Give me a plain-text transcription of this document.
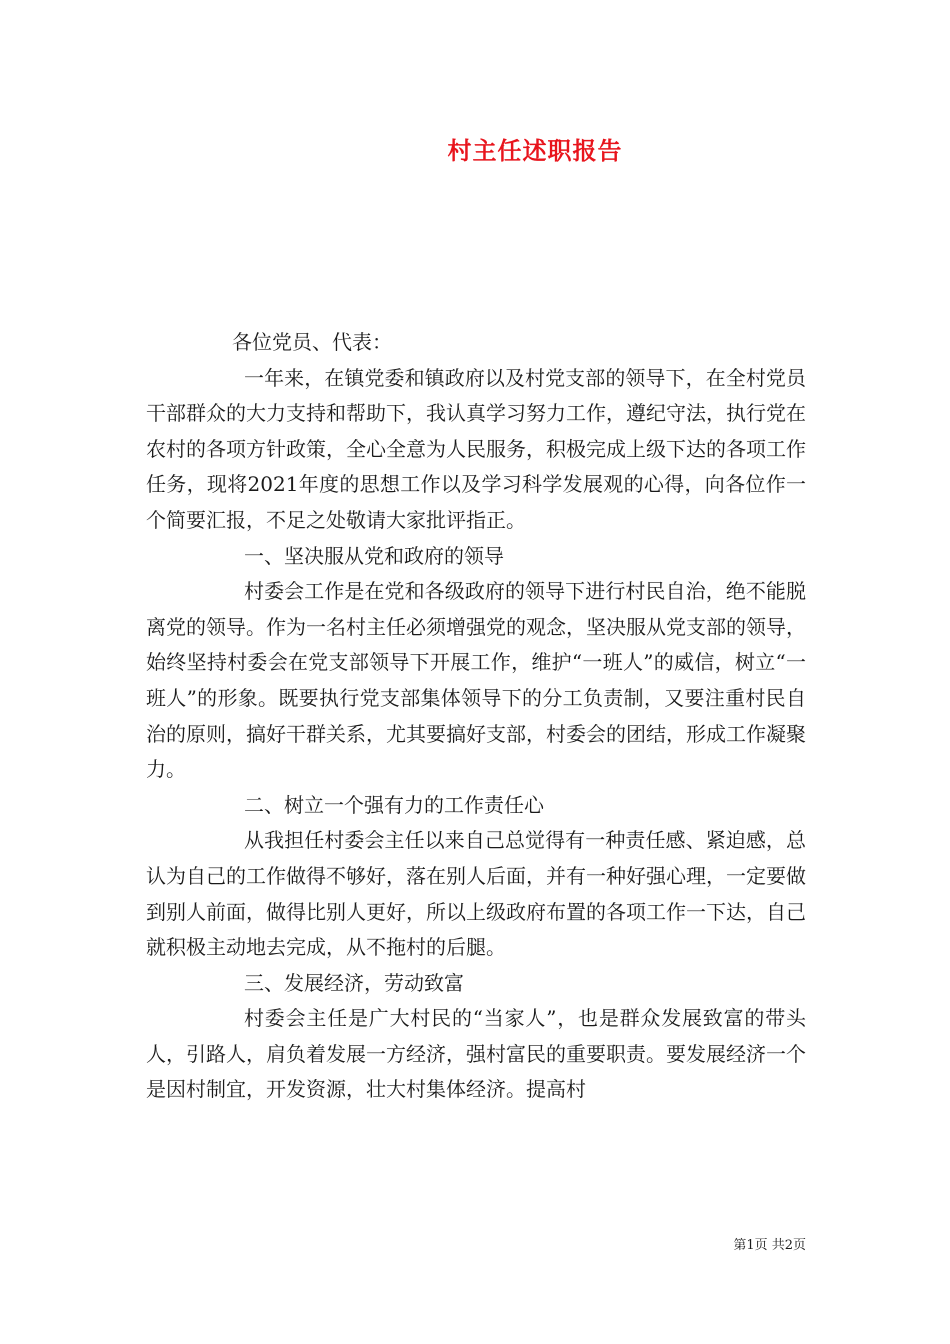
村主任述职报告

各位党员、代表：

一年来，在镇党委和镇政府以及村党支部的领导下，在全村党员干部群众的大力支持和帮助下，我认真学习努力工作，遵纪守法，执行党在农村的各项方针政策，全心全意为人民服务，积极完成上级下达的各项工作任务，现将2021年度的思想工作以及学习科学发展观的心得，向各位作一个简要汇报，不足之处敬请大家批评指正。

一、坚决服从党和政府的领导

村委会工作是在党和各级政府的领导下进行村民自治，绝不能脱离党的领导。作为一名村主任必须增强党的观念，坚决服从党支部的领导，始终坚持村委会在党支部领导下开展工作，维护“一班人”的威信，树立“一班人”的形象。既要执行党支部集体领导下的分工负责制，又要注重村民自治的原则，搞好干群关系，尤其要搞好支部，村委会的团结，形成工作凝聚力。

二、树立一个强有力的工作责任心

从我担任村委会主任以来自己总觉得有一种责任感、紧迫感，总认为自己的工作做得不够好，落在别人后面，并有一种好强心理，一定要做到别人前面，做得比别人更好，所以上级政府布置的各项工作一下达，自己就积极主动地去完成，从不拖村的后腿。

三、发展经济，劳动致富

村委会主任是广大村民的“当家人”，也是群众发展致富的带头人，引路人，肩负着发展一方经济，强村富民的重要职责。要发展经济一个是因村制宜，开发资源，壮大村集体经济。提高村

第1页 共2页
